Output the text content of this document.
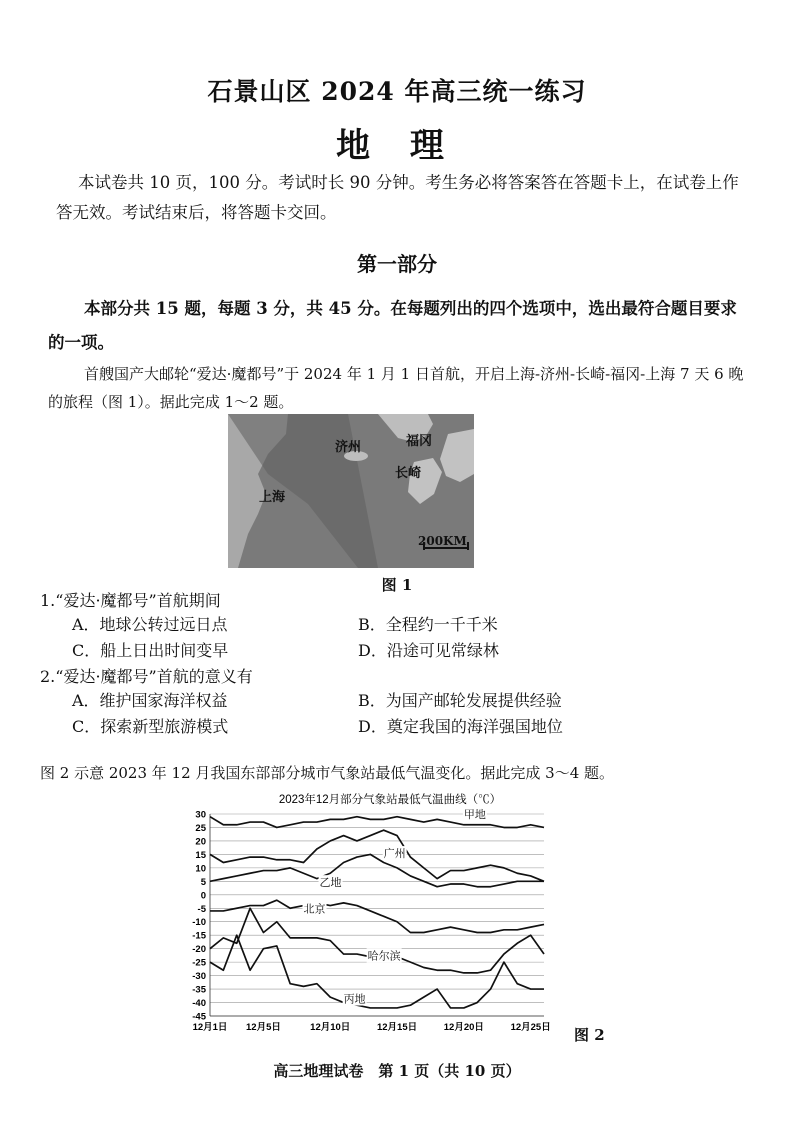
石景山区 2024 年高三统一练习
地 理
本试卷共 10 页，100 分。考试时长 90 分钟。考生务必将答案答在答题卡上，在试卷上作答无效。考试结束后，将答题卡交回。
第一部分
本部分共 15 题，每题 3 分，共 45 分。在每题列出的四个选项中，选出最符合题目要求的一项。
首艘国产大邮轮“爱达·魔都号”于 2024 年 1 月 1 日首航，开启上海-济州-长崎-福冈-上海 7 天 6 晚的旅程（图 1）。据此完成 1～2 题。
济州	福冈
长崎
上海
200KM
图 1
1.“爱达·魔都号”首航期间
A．地球公转过远日点	B．全程约一千千米
C．船上日出时间变早	D．沿途可见常绿林
2.“爱达·魔都号”首航的意义有
A．维护国家海洋权益	B．为国产邮轮发展提供经验
C．探索新型旅游模式	D．奠定我国的海洋强国地位
图 2 示意 2023 年 12 月我国东部部分城市气象站最低气温变化。据此完成 3～4 题。
2023年12月部分气象站最低气温曲线（℃）
30
25
20
15
10
5
0
-5
-10
-15
-20
-25
-30
-35
-40
-45
12月1日 12月5日	12月10日	12月15日	12月20日	12月25日
甲地
广州
乙地
北京
哈尔滨
丙地
图 2
高三地理试卷　第 1 页（共 10 页）
